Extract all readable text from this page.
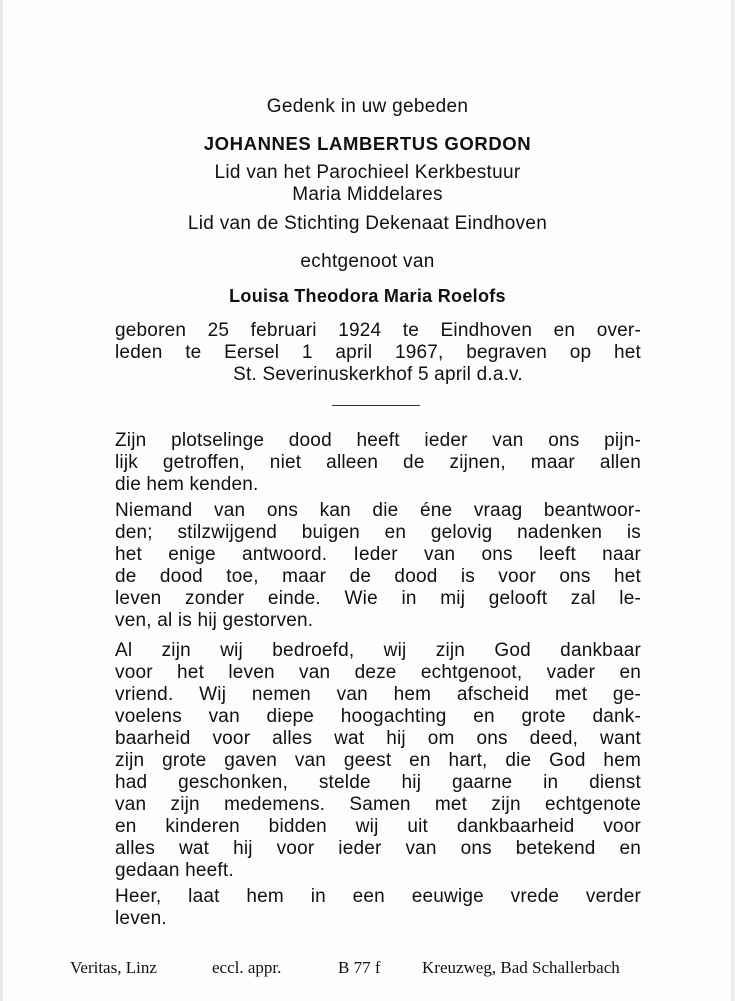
Gedenk in uw gebeden
JOHANNES LAMBERTUS GORDON
Lid van het Parochieel Kerkbestuur
Maria Middelares
Lid van de Stichting Dekenaat Eindhoven
echtgenoot van
Louisa Theodora Maria Roelofs
geboren 25 februari 1924 te Eindhoven en over-
leden te Eersel 1 april 1967, begraven op het
St. Severinuskerkhof 5 april d.a.v.
Zijn plotselinge dood heeft ieder van ons pijn-
lijk getroffen, niet alleen de zijnen, maar allen
die hem kenden.
Niemand van ons kan die éne vraag beantwoor-
den; stilzwijgend buigen en gelovig nadenken is
het enige antwoord. Ieder van ons leeft naar
de dood toe, maar de dood is voor ons het
leven zonder einde. Wie in mij gelooft zal le-
ven, al is hij gestorven.
Al zijn wij bedroefd, wij zijn God dankbaar
voor het leven van deze echtgenoot, vader en
vriend. Wij nemen van hem afscheid met ge-
voelens van diepe hoogachting en grote dank-
baarheid voor alles wat hij om ons deed, want
zijn grote gaven van geest en hart, die God hem
had geschonken, stelde hij gaarne in dienst
van zijn medemens. Samen met zijn echtgenote
en kinderen bidden wij uit dankbaarheid voor
alles wat hij voor ieder van ons betekend en
gedaan heeft.
Heer, laat hem in een eeuwige vrede verder
leven.
Veritas, Linz	eccl. appr.	B 77 f Kreuzweg, Bad Schallerbach
